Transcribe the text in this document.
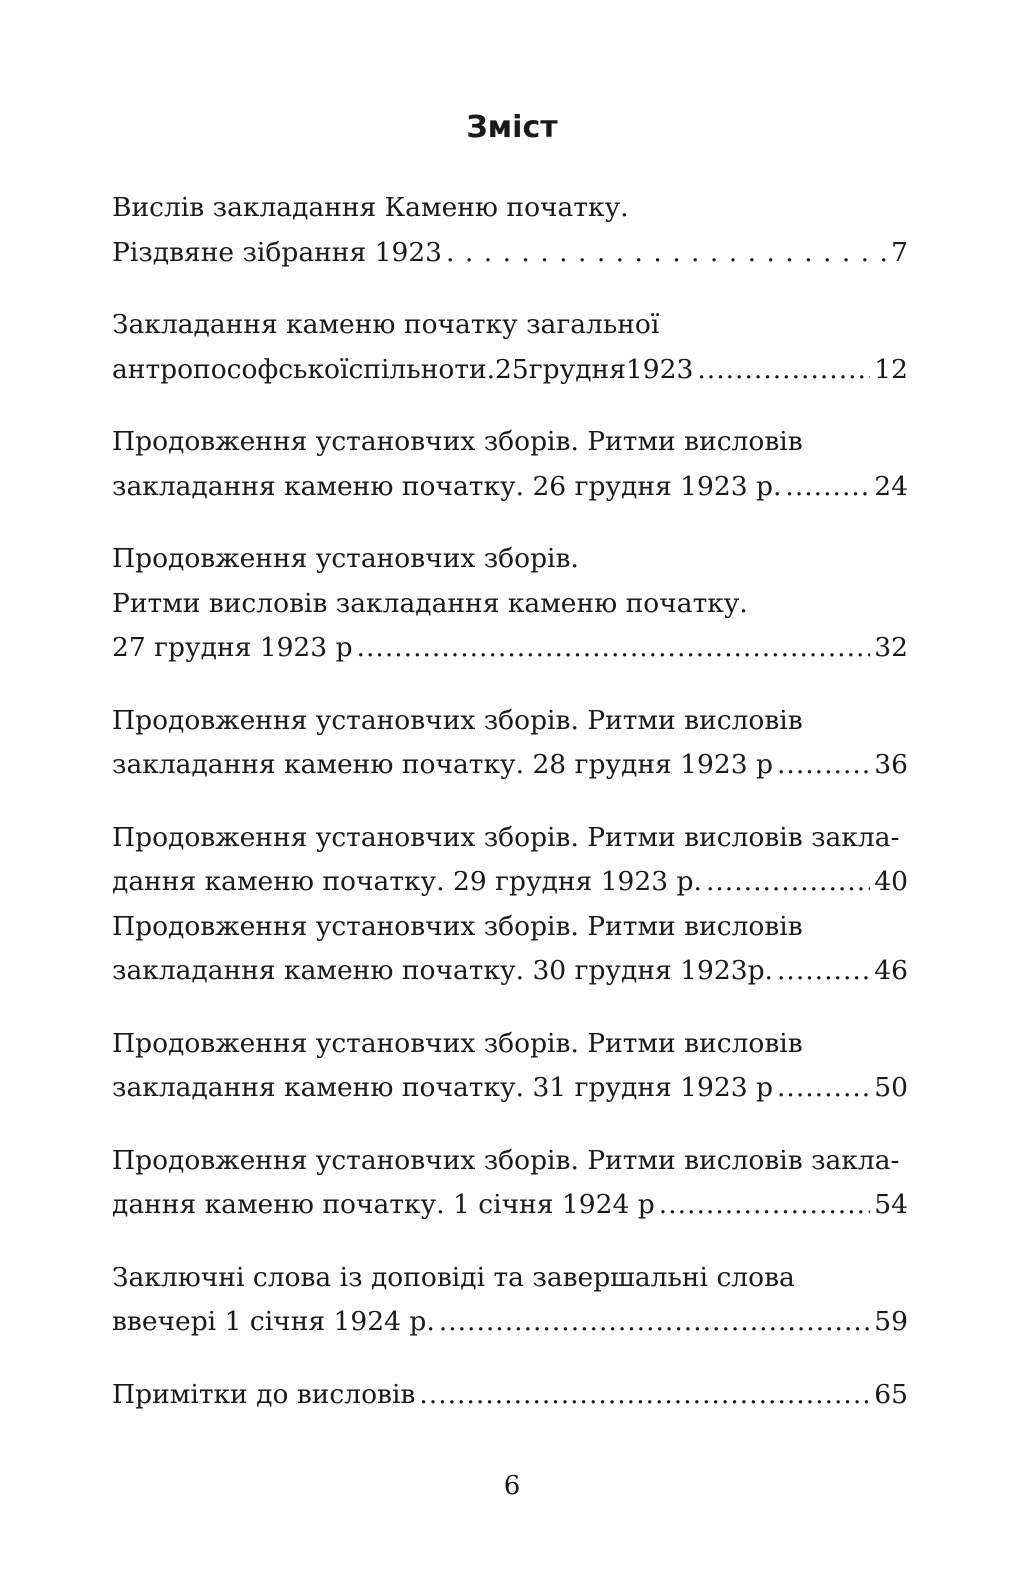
Зміст
Вислів закладання Каменю початку.
Різдвяне зібрання 1923 . . .	7
Закладання каменю початку загальної
антропософськоїспільноти.25грудня1923 .....	12
Продовження установчих зборів. Ритми висловів
закладання каменю початку. 26 грудня 1923 р. .....	24
Продовження установчих зборів.
Ритми висловів закладання каменю початку.
27 грудня 1923 р .....	32
Продовження установчих зборів. Ритми висловів
закладання каменю початку. 28 грудня 1923 р .....	36
Продовження установчих зборів. Ритми висловів закла-
дання каменю початку. 29 грудня 1923 р. .....	40
Продовження установчих зборів. Ритми висловів
закладання каменю початку. 30 грудня 1923р. .....	46
Продовження установчих зборів. Ритми висловів
закладання каменю початку. 31 грудня 1923 р .....	50
Продовження установчих зборів. Ритми висловів закла-
дання каменю початку. 1 січня 1924 р .....	54
Заключні слова із доповіді та завершальні слова
ввечері 1 січня 1924 р. .....	59
Примітки до висловів .....	65
6
